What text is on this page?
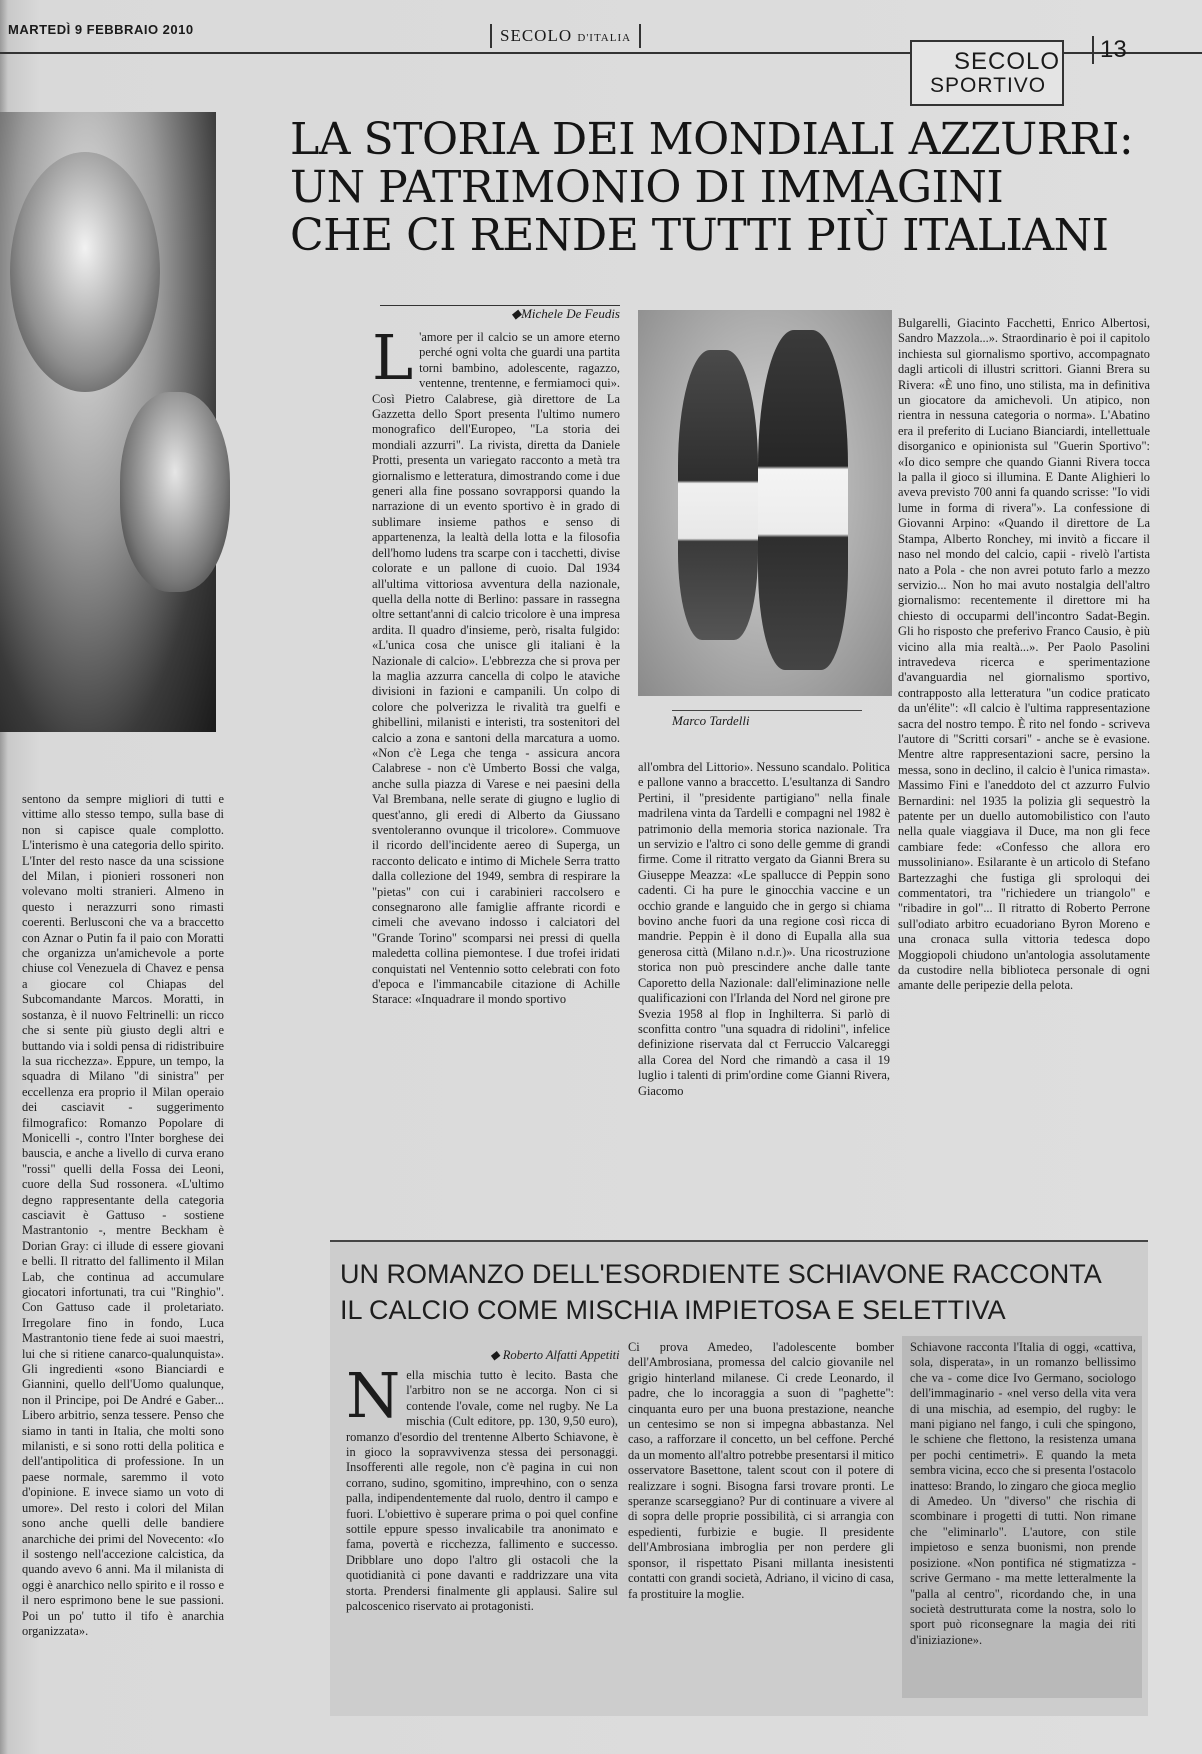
MARTEDÌ 9 FEBBRAIO 2010	SECOLO D'ITALIA
SECOLO
SPORTIVO
13
LA STORIA DEI MONDIALI AZZURRI:
UN PATRIMONIO DI IMMAGINI
CHE CI RENDE TUTTI PIÙ ITALIANI
◆Michele De Feudis

L 'amore per il calcio se un amore eterno perché ogni volta che guardi una partita torni bambino, adolescente, ragazzo, ventenne, trentenne, e fermiamoci qui». Così Pietro Calabrese, già direttore de La Gazzetta dello Sport presenta l'ultimo numero monografico dell'Europeo, "La storia dei mondiali azzurri". La rivista, diretta da Daniele Protti, presenta un variegato racconto a metà tra giornalismo e letteratura, dimostrando come i due generi alla fine possano sovrapporsi quando la narrazione di un evento sportivo è in grado di sublimare insieme pathos e senso di appartenenza, la lealtà della lotta e la filosofia dell'homo ludens tra scarpe con i tacchetti, divise colorate e un pallone di cuoio. Dal 1934 all'ultima vittoriosa avventura della nazionale, quella della notte di Berlino: passare in rassegna oltre settant'anni di calcio tricolore è una impresa ardita. Il quadro d'insieme, però, risalta fulgido: «L'unica cosa che unisce gli italiani è la Nazionale di calcio». L'ebbrezza che si prova per la maglia azzurra cancella di colpo le ataviche divisioni in fazioni e campanili. Un colpo di colore che polverizza le rivalità tra guelfi e ghibellini, milanisti e interisti, tra sostenitori del calcio a zona e santoni della marcatura a uomo. «Non c'è Lega che tenga - assicura ancora Calabrese - non c'è Umberto Bossi che valga, anche sulla piazza di Varese e nei paesini della Val Brembana, nelle serate di giugno e luglio di quest'anno, gli eredi di Alberto da Giussano sventoleranno ovunque il tricolore». Commuove il ricordo dell'incidente aereo di Superga, un racconto delicato e intimo di Michele Serra tratto dalla collezione del 1949, sembra di respirare la "pietas" con cui i carabinieri raccolsero e consegnarono alle famiglie affrante ricordi e cimeli che avevano indosso i calciatori del "Grande Torino" scomparsi nei pressi di quella maledetta collina piemontese. I due trofei iridati conquistati nel Ventennio sotto celebrati con foto d'epoca e l'immancabile citazione di Achille Starace: «Inquadrare il mondo sportivo

Marco Tardelli

all'ombra del Littorio». Nessuno scandalo. Politica e pallone vanno a braccetto. L'esultanza di Sandro Pertini, il "presidente partigiano" nella finale madrilena vinta da Tardelli e compagni nel 1982 è patrimonio della memoria storica nazionale. Tra un servizio e l'altro ci sono delle gemme di grandi firme. Come il ritratto vergato da Gianni Brera su Giuseppe Meazza: «Le spallucce di Peppin sono cadenti. Ci ha pure le ginocchia vaccine e un occhio grande e languido che in gergo si chiama bovino anche fuori da una regione così ricca di mandrie. Peppin è il dono di Eupalla alla sua generosa città (Milano n.d.r.)». Una ricostruzione storica non può prescindere anche dalle tante Caporetto della Nazionale: dall'eliminazione nelle qualificazioni con l'Irlanda del Nord nel girone pre Svezia 1958 al flop in Inghilterra. Si parlò di sconfitta contro "una squadra di ridolini", infelice definizione riservata dal ct Ferruccio Valcareggi alla Corea del Nord che rimandò a casa il 19 luglio i talenti di prim'ordine come Gianni Rivera, Giacomo

Bulgarelli, Giacinto Facchetti, Enrico Albertosi, Sandro Mazzola...». Straordinario è poi il capitolo inchiesta sul giornalismo sportivo, accompagnato dagli articoli di illustri scrittori. Gianni Brera su Rivera: «È uno fino, uno stilista, ma in definitiva un giocatore da amichevoli. Un atipico, non rientra in nessuna categoria o norma». L'Abatino era il preferito di Luciano Bianciardi, intellettuale disorganico e opinionista sul "Guerin Sportivo": «Io dico sempre che quando Gianni Rivera tocca la palla il gioco si illumina. E Dante Alighieri lo aveva previsto 700 anni fa quando scrisse: "Io vidi lume in forma di rivera"». La confessione di Giovanni Arpino: «Quando il direttore de La Stampa, Alberto Ronchey, mi invitò a ficcare il naso nel mondo del calcio, capii - rivelò l'artista nato a Pola - che non avrei potuto farlo a mezzo servizio... Non ho mai avuto nostalgia dell'altro giornalismo: recentemente il direttore mi ha chiesto di occuparmi dell'incontro Sadat-Begin. Gli ho risposto che preferivo Franco Causio, è più vicino alla mia realtà...». Per Paolo Pasolini intravedeva ricerca e sperimentazione d'avanguardia nel giornalismo sportivo, contrapposto alla letteratura "un codice praticato da un'élite": «Il calcio è l'ultima rappresentazione sacra del nostro tempo. È rito nel fondo - scriveva l'autore di "Scritti corsari" - anche se è evasione. Mentre altre rappresentazioni sacre, persino la messa, sono in declino, il calcio è l'unica rimasta». Massimo Fini e l'aneddoto del ct azzurro Fulvio Bernardini: nel 1935 la polizia gli sequestrò la patente per un duello automobilistico con l'auto nella quale viaggiava il Duce, ma non gli fece cambiare fede: «Confesso che allora ero mussoliniano». Esilarante è un articolo di Stefano Bartezzaghi che fustiga gli sproloqui dei commentatori, tra "richiedere un triangolo" e "ribadire in gol"... Il ritratto di Roberto Perrone sull'odiato arbitro ecuadoriano Byron Moreno e una cronaca sulla vittoria tedesca dopo Moggiopoli chiudono un'antologia assolutamente da custodire nella biblioteca personale di ogni amante delle peripezie della pelota.

sentono da sempre migliori di tutti e vittime allo stesso tempo, sulla base di non si capisce quale complotto. L'interismo è una categoria dello spirito. L'Inter del resto nasce da una scissione del Milan, i pionieri rossoneri non volevano molti stranieri. Almeno in questo i nerazzurri sono rimasti coerenti. Berlusconi che va a braccetto con Aznar o Putin fa il paio con Moratti che organizza un'amichevole a porte chiuse col Venezuela di Chavez e pensa a giocare col Chiapas del Subcomandante Marcos. Moratti, in sostanza, è il nuovo Feltrinelli: un ricco che si sente più giusto degli altri e buttando via i soldi pensa di ridistribuire la sua ricchezza». Eppure, un tempo, la squadra di Milano "di sinistra" per eccellenza era proprio il Milan operaio dei casciavit - suggerimento filmografico: Romanzo Popolare di Monicelli -, contro l'Inter borghese dei bauscia, e anche a livello di curva erano "rossi" quelli della Fossa dei Leoni, cuore della Sud rossonera. «L'ultimo degno rappresentante della categoria casciavit è Gattuso - sostiene Mastrantonio -, mentre Beckham è Dorian Gray: ci illude di essere giovani e belli. Il ritratto del fallimento il Milan Lab, che continua ad accumulare giocatori infortunati, tra cui "Ringhio". Con Gattuso cade il proletariato. Irregolare fino in fondo, Luca Mastrantonio tiene fede ai suoi maestri, lui che si ritiene canarco-qualunquista». Gli ingredienti «sono Bianciardi e Giannini, quello dell'Uomo qualunque, non il Principe, poi De André e Gaber... Libero arbitrio, senza tessere. Penso che siamo in tanti in Italia, che molti sono milanisti, e si sono rotti della politica e dell'antipolitica di professione. In un paese normale, saremmo il voto d'opinione. E invece siamo un voto di umore». Del resto i colori del Milan sono anche quelli delle bandiere anarchiche dei primi del Novecento: «Io il sostengo nell'accezione calcistica, da quando avevo 6 anni. Ma il milanista di oggi è anarchico nello spirito e il rosso e il nero esprimono bene le sue passioni. Poi un po' tutto il tifo è anarchia organizzata».

UN ROMANZO DELL'ESORDIENTE SCHIAVONE RACCONTA
IL CALCIO COME MISCHIA IMPIETOSA E SELETTIVA
◆ Roberto Alfatti Appetiti

Nella mischia tutto è lecito. Basta che l'arbitro non se ne accorga. Non ci si contende l'ovale, come nel rugby. Ne La mischia (Cult editore, pp. 130, 9,50 euro), romanzo d'esordio del trentenne Alberto Schiavone, è in gioco la sopravvivenza stessa dei personaggi. Insofferenti alle regole, non c'è pagina in cui non corrano, sudino, sgomitino, impreчhino, con o senza palla, indipendentemente dal ruolo, dentro il campo e fuori. L'obiettivo è superare prima o poi quel confine sottile eppure spesso invalicabile tra anonimato e fama, povertà e ricchezza, fallimento e successo. Dribblare uno dopo l'altro gli ostacoli che la quotidianità ci pone davanti e raddrizzare una vita storta. Prendersi finalmente gli applausi. Salire sul palcoscenico riservato ai protagonisti.

Ci prova Amedeo, l'adolescente bomber dell'Ambrosiana, promessa del calcio giovanile nel grigio hinterland milanese. Ci crede Leonardo, il padre, che lo incoraggia a suon di "paghette": cinquanta euro per una buona prestazione, neanche un centesimo se non si impegna abbastanza. Nel caso, a rafforzare il concetto, un bel ceffone. Perché da un momento all'altro potrebbe presentarsi il mitico osservatore Basettone, talent scout con il potere di realizzare i sogni. Bisogna farsi trovare pronti. Le speranze scarseggiano? Pur di continuare a vivere al di sopra delle proprie possibilità, ci si arrangia con espedienti, furbizie e bugie. Il presidente dell'Ambrosiana imbroglia per non perdere gli sponsor, il rispettato Pisani millanta inesistenti contatti con grandi società, Adriano, il vicino di casa, fa prostituire la moglie.

Schiavone racconta l'Italia di oggi, «cattiva, sola, disperata», in un romanzo bellissimo che va - come dice Ivo Germano, sociologo dell'immaginario - «nel verso della vita vera di una mischia, ad esempio, del rugby: le mani pigiano nel fango, i culi che spingono, le schiene che flettono, la resistenza umana per pochi centimetri». E quando la meta sembra vicina, ecco che si presenta l'ostacolo inatteso: Brando, lo zingaro che gioca meglio di Amedeo. Un "diverso" che rischia di scombinare i progetti di tutti. Non rimane che "eliminarlo". L'autore, con stile impietoso e senza buonismi, non prende posizione. «Non pontifica né stigmatizza - scrive Germano - ma mette letteralmente la "palla al centro", ricordando che, in una società destrutturata come la nostra, solo lo sport può riconsegnare la magia dei riti d'iniziazione».
